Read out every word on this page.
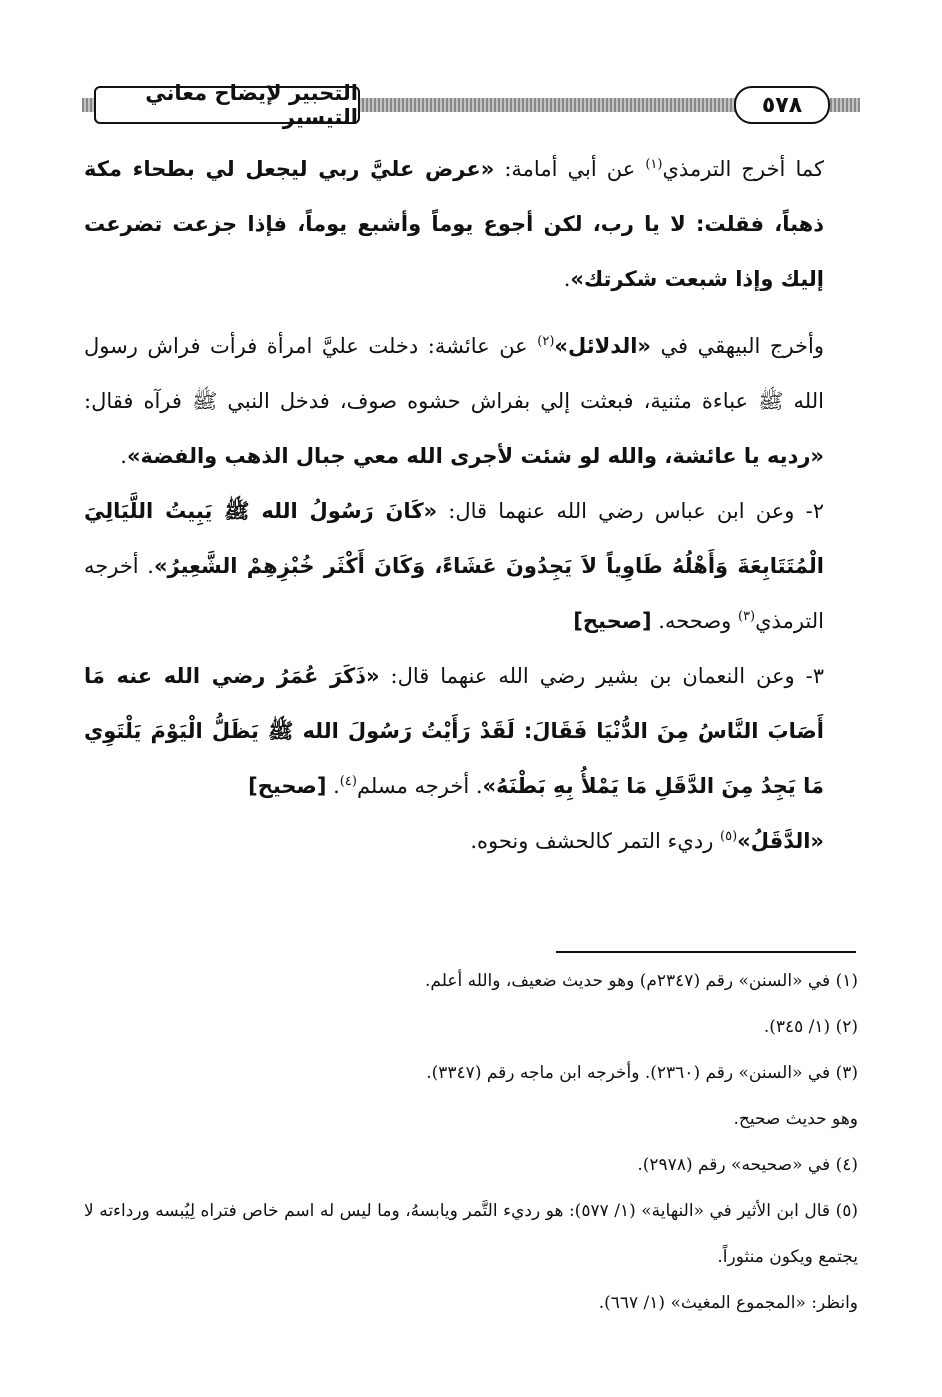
التحبير لإيضاح معاني التيسير	٥٧٨

كما أخرج الترمذي$^{(١)}$ عن أبي أمامة: «عرض عليَّ ربي ليجعل لي بطحاء مكة ذهباً، فقلت: لا يا رب، لكن أجوع يوماً وأشبع يوماً، فإذا جزعت تضرعت إليك وإذا شبعت شكرتك».

وأخرج البيهقي في «الدلائل»$^{(٢)}$ عن عائشة: دخلت عليَّ امرأة فرأت فراش رسول الله ﷺ عباءة مثنية، فبعثت إلي بفراش حشوه صوف، فدخل النبي ﷺ فرآه فقال: «رديه يا عائشة، والله لو شئت لأجرى الله معي جبال الذهب والفضة».

٢- وعن ابن عباس رضي الله عنهما قال: «كَانَ رَسُولُ الله ﷺ يَبِيتُ اللَّيَالِيَ الْمُتَتَابِعَةَ وَأَهْلُهُ طَاوِياً لاَ يَجِدُونَ عَشَاءً، وَكَانَ أَكْثَر خُبْزِهِمْ الشَّعِيرُ». أخرجه الترمذي$^{(٣)}$ وصححه. [صحيح]

٣- وعن النعمان بن بشير رضي الله عنهما قال: «ذَكَرَ عُمَرُ رضي الله عنه مَا أَصَابَ النَّاسُ مِنَ الدُّنْيَا فَقَالَ: لَقَدْ رَأَيْتُ رَسُولَ الله ﷺ يَظَلُّ الْيَوْمَ يَلْتَوِي مَا يَجِدُ مِنَ الدَّقَلِ مَا يَمْلأُ بِهِ بَطْنَهُ». أخرجه مسلم$^{(٤)}$. [صحيح]

«الدَّقَلُ»$^{(٥)}$ رديء التمر كالحشف ونحوه.

(١) في «السنن» رقم (٢٣٤٧م) وهو حديث ضعيف، والله أعلم.

(٢) (١/ ٣٤٥).

(٣) في «السنن» رقم (٢٣٦٠). وأخرجه ابن ماجه رقم (٣٣٤٧).

وهو حديث صحيح.

(٤) في «صحيحه» رقم (٢٩٧٨).

(٥) قال ابن الأثير في «النهاية» (١/ ٥٧٧): هو رديء التَّمر ويابسهُ، وما ليس له اسم خاص فتراه لِيُبسه ورداءته لا يجتمع ويكون منثوراً.

وانظر: «المجموع المغيث» (١/ ٦٦٧).
